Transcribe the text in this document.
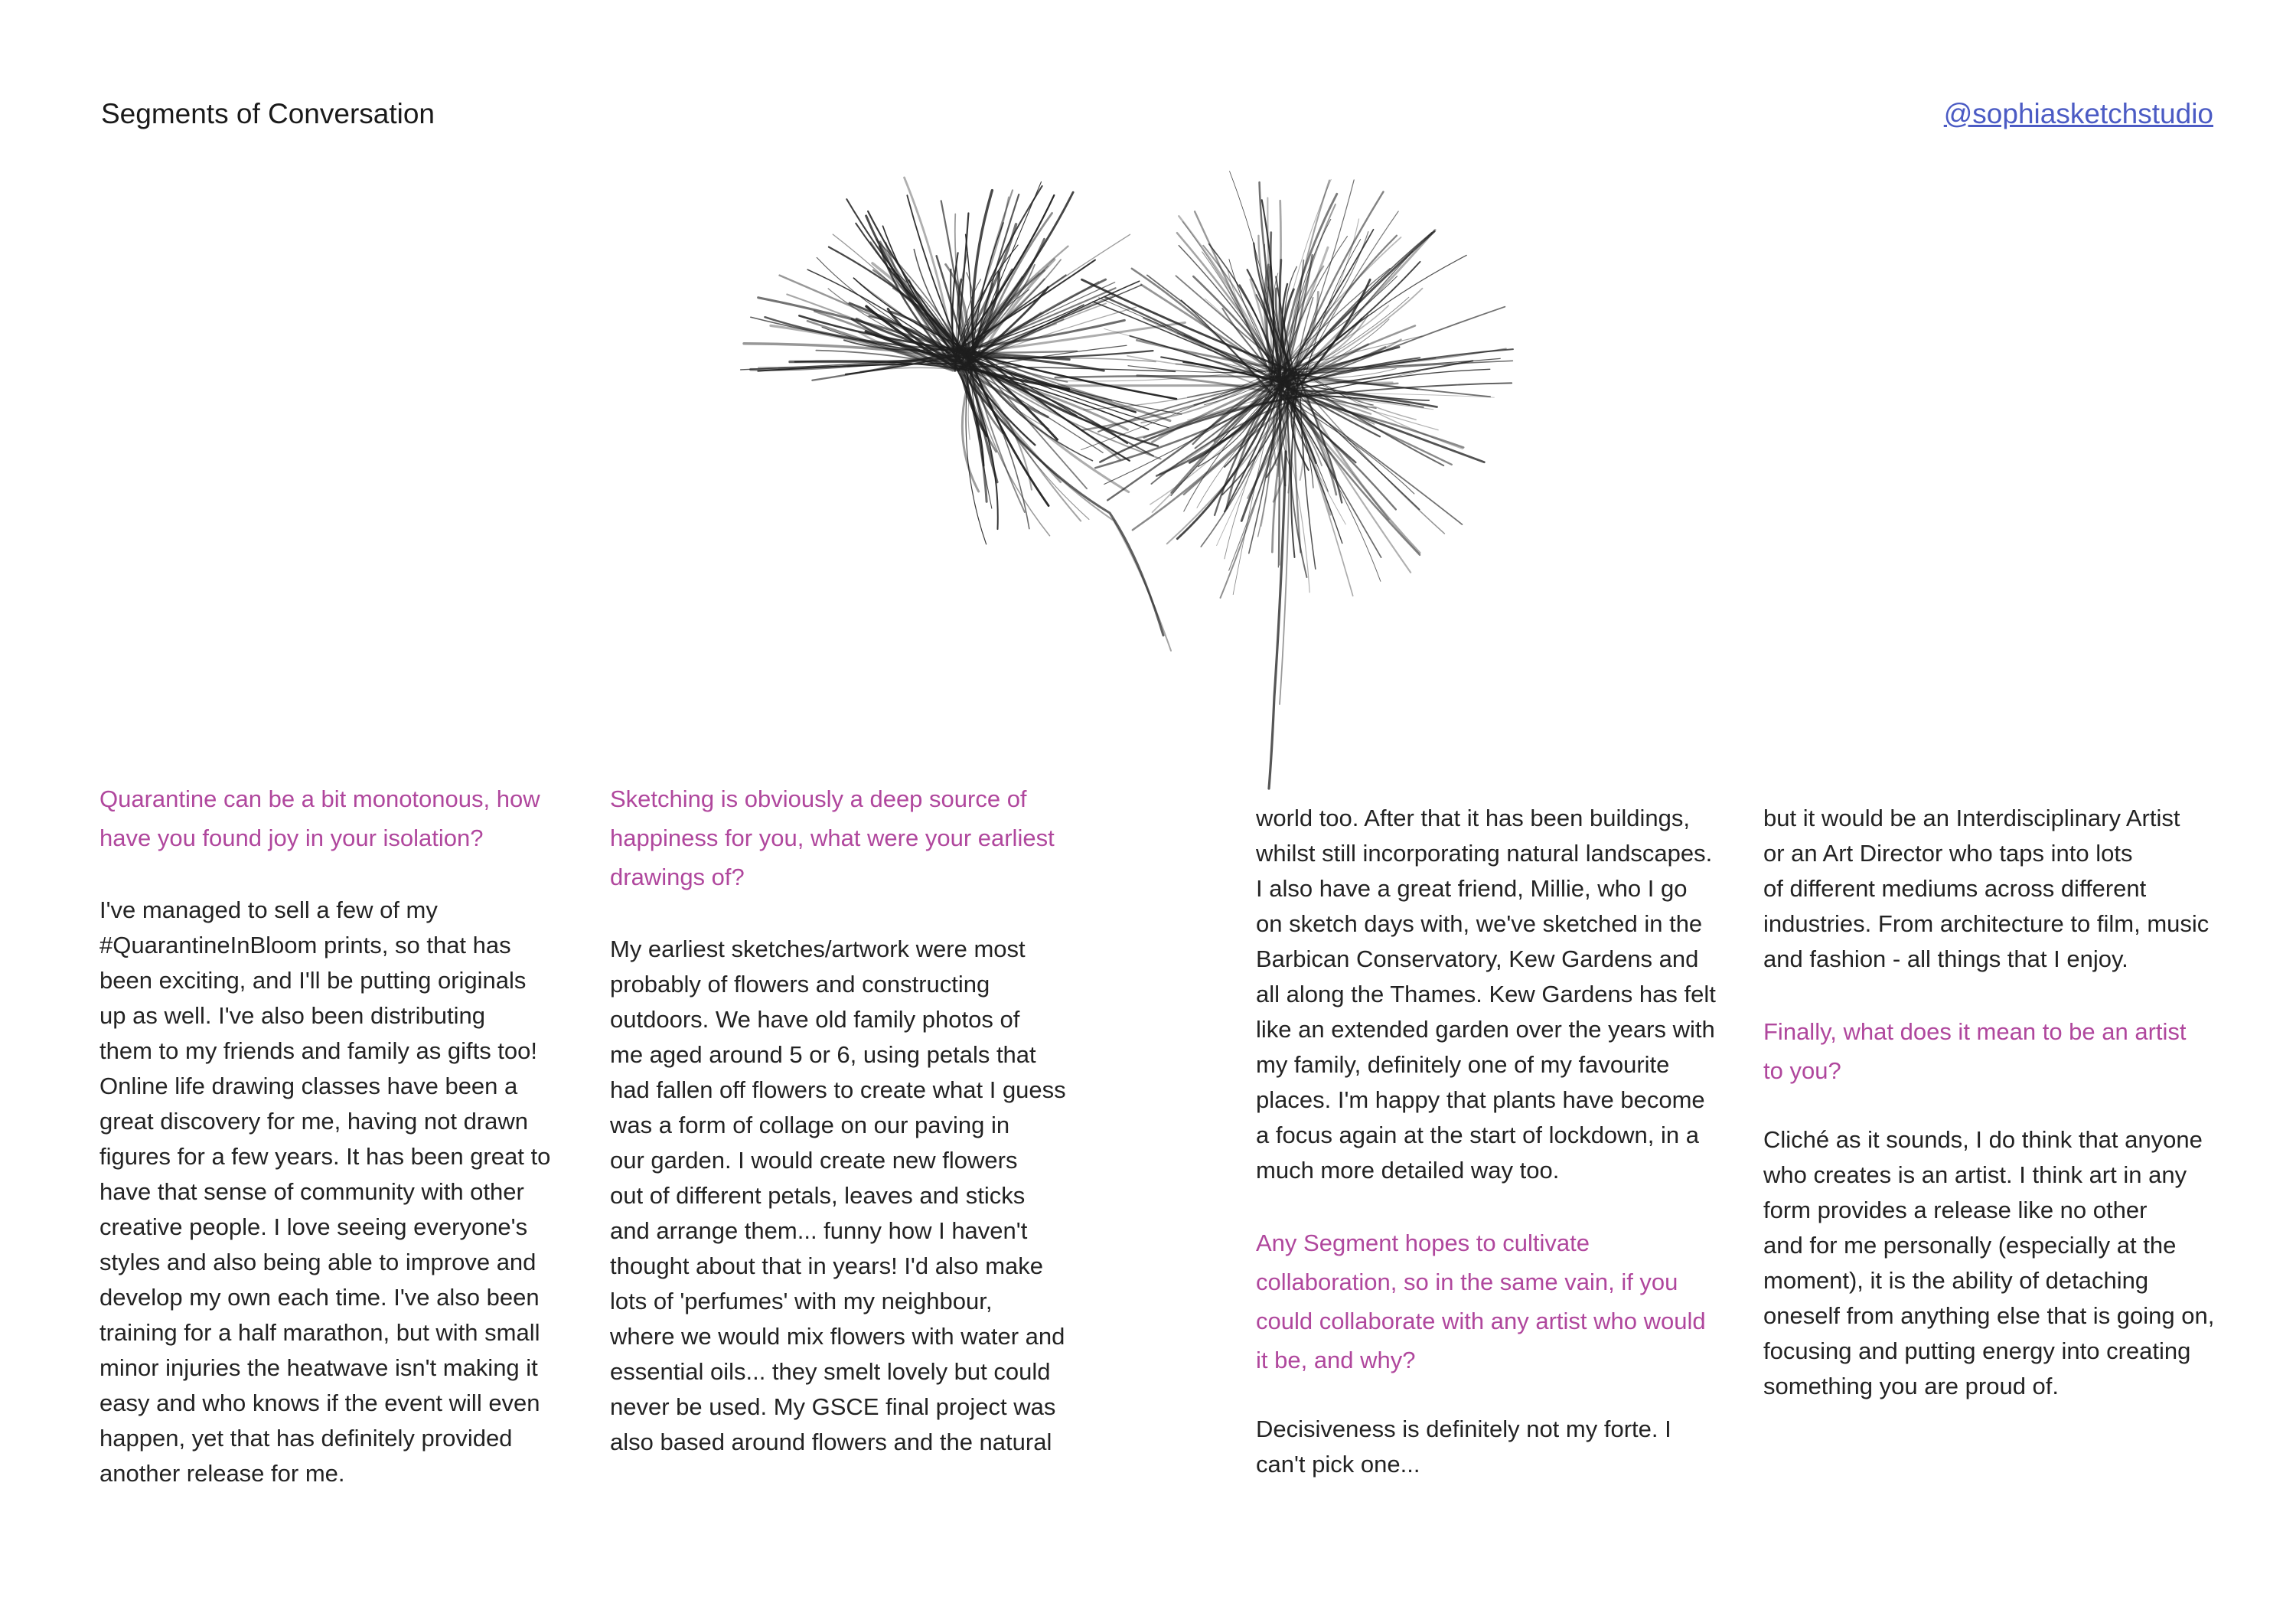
Segments of Conversation	@sophiasketchstudio

Quarantine can be a bit monotonous, how
have you found joy in your isolation?

I've managed to sell a few of my
#QuarantineInBloom prints, so that has
been exciting, and I'll be putting originals
up as well. I've also been distributing
them to my friends and family as gifts too!
Online life drawing classes have been a
great discovery for me, having not drawn
figures for a few years. It has been great to
have that sense of community with other
creative people. I love seeing everyone's
styles and also being able to improve and
develop my own each time. I've also been
training for a half marathon, but with small
minor injuries the heatwave isn't making it
easy and who knows if the event will even
happen, yet that has definitely provided
another release for me.

Sketching is obviously a deep source of
happiness for you, what were your earliest
drawings of?

My earliest sketches/artwork were most
probably of flowers and constructing
outdoors. We have old family photos of
me aged around 5 or 6, using petals that
had fallen off flowers to create what I guess
was a form of collage on our paving in
our garden. I would create new flowers
out of different petals, leaves and sticks
and arrange them... funny how I haven't
thought about that in years! I'd also make
lots of 'perfumes' with my neighbour,
where we would mix flowers with water and
essential oils... they smelt lovely but could
never be used. My GSCE final project was
also based around flowers and the natural

world too. After that it has been buildings,
whilst still incorporating natural landscapes.
I also have a great friend, Millie, who I go
on sketch days with, we've sketched in the
Barbican Conservatory, Kew Gardens and
all along the Thames. Kew Gardens has felt
like an extended garden over the years with
my family, definitely one of my favourite
places. I'm happy that plants have become
a focus again at the start of lockdown, in a
much more detailed way too.

Any Segment hopes to cultivate
collaboration, so in the same vain, if you
could collaborate with any artist who would
it be, and why?

Decisiveness is definitely not my forte. I
can't pick one...

but it would be an Interdisciplinary Artist
or an Art Director who taps into lots
of different mediums across different
industries. From architecture to film, music
and fashion - all things that I enjoy.

Finally, what does it mean to be an artist
to you?

Cliché as it sounds, I do think that anyone
who creates is an artist. I think art in any
form provides a release like no other
and for me personally (especially at the
moment), it is the ability of detaching
oneself from anything else that is going on,
focusing and putting energy into creating
something you are proud of.
